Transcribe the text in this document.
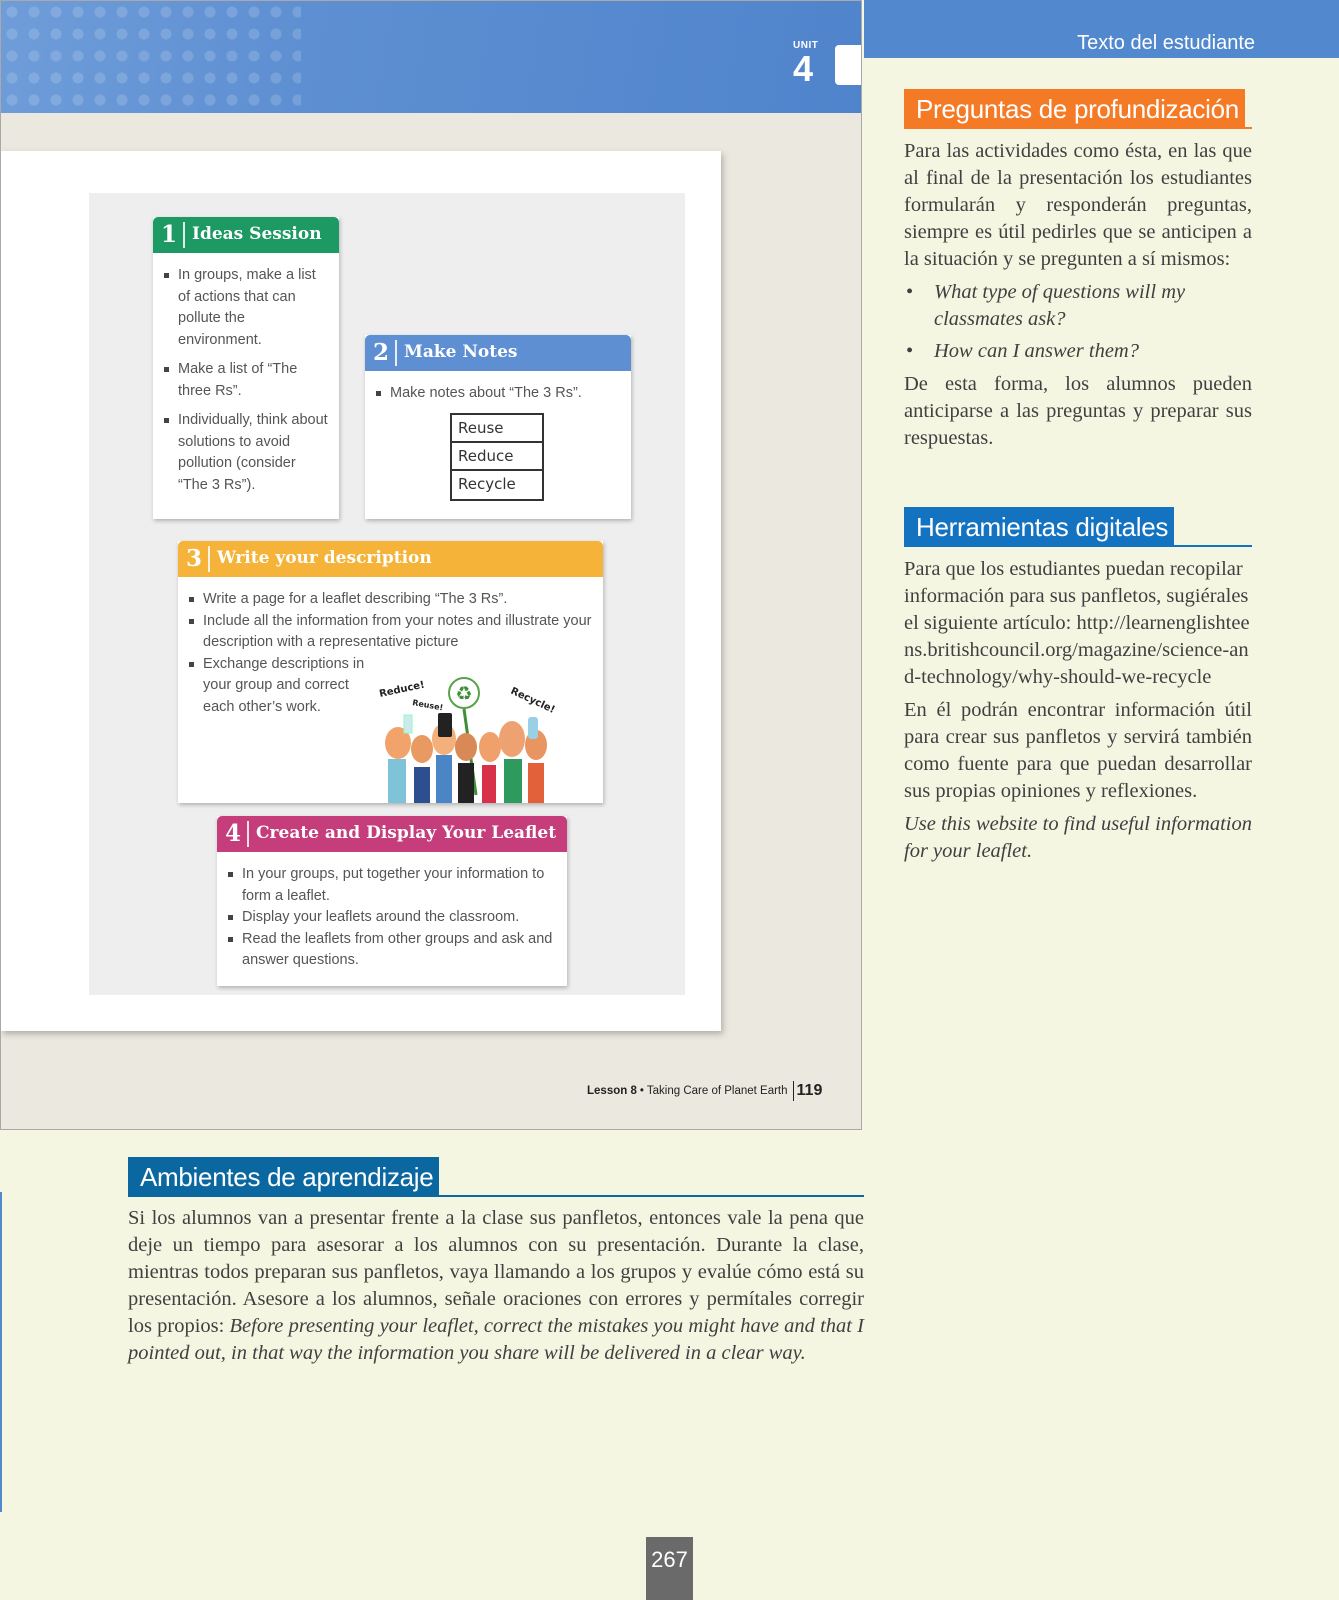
UNIT
4
1 Ideas Session
In groups, make a list of actions that can pollute the environment.
Make a list of “The three Rs”.
Individually, think about solutions to avoid pollution (consider “The 3 Rs”).
2 Make Notes
Make notes about “The 3 Rs”.
Reuse
Reduce
Recycle
3 Write your description
Write a page for a leaflet describing “The 3 Rs”.
Include all the information from your notes and illustrate your description with a representative picture
Exchange descriptions in your group and correct each other’s work.
Reduce!
Reuse!	Recycle!
♻
4 Create and Display Your Leaflet
In your groups, put together your information to form a leaflet.
Display your leaflets around the classroom.
Read the leaflets from other groups and ask and answer questions.
Lesson 8 • Taking Care of Planet Earth 119
Texto del estudiante
Preguntas de profundización

Para las actividades como ésta, en las que al final de la presentación los estudiantes formularán y responderán preguntas, siempre es útil pedirles que se anticipen a la situación y se pregunten a sí mismos:

• What type of questions will my classmates ask?
• How can I answer them?

De esta forma, los alumnos pueden anticiparse a las preguntas y preparar sus respuestas.

Herramientas digitales

Para que los estudiantes puedan recopilar información para sus panfletos, sugiérales el siguiente artículo: http://learnenglishteens.britishcouncil.org/magazine/science-and-technology/why-should-we-recycle

En él podrán encontrar información útil para crear sus panfletos y servirá también como fuente para que puedan desarrollar sus propias opiniones y reflexiones.

Use this website to find useful information for your leaflet.

Ambientes de aprendizaje

Si los alumnos van a presentar frente a la clase sus panfletos, entonces vale la pena que deje un tiempo para asesorar a los alumnos con su presentación. Durante la clase, mientras todos preparan sus panfletos, vaya llamando a los grupos y evalúe cómo está su presentación. Asesore a los alumnos, señale oraciones con errores y permítales corregir los propios: Before presenting your leaflet, correct the mistakes you might have and that I pointed out, in that way the information you share will be delivered in a clear way.

267
